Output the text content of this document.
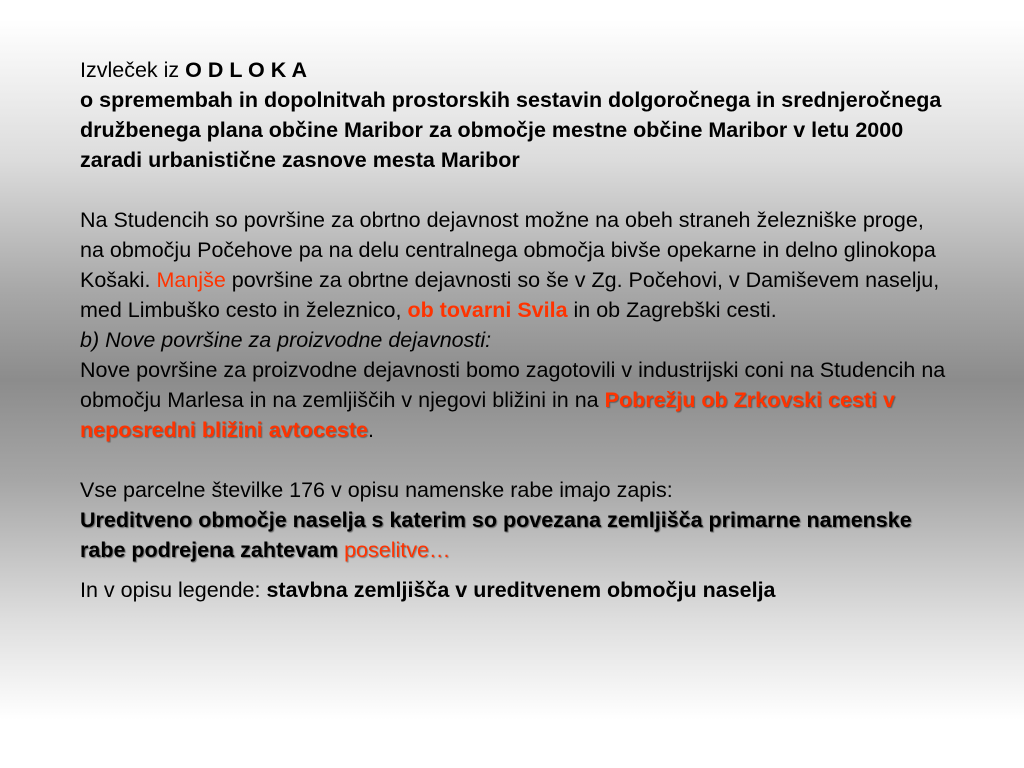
Izvleček iz O D L O K A

o spremembah in dopolnitvah prostorskih sestavin dolgoročnega in srednjeročnega družbenega plana občine Maribor za območje mestne občine Maribor v letu 2000 zaradi urbanistične zasnove mesta Maribor

Na Studencih so površine za obrtno dejavnost možne na obeh straneh železniške proge, na območju Počehove pa na delu centralnega območja bivše opekarne in delno glinokopa Košaki. Manjše površine za obrtne dejavnosti so še v Zg. Počehovi, v Damiševem naselju, med Limbuško cesto in železnico, ob tovarni Svila in ob Zagrebški cesti.

b) Nove površine za proizvodne dejavnosti:

Nove površine za proizvodne dejavnosti bomo zagotovili v industrijski coni na Studencih na območju Marlesa in na zemljiščih v njegovi bližini in na Pobrežju ob Zrkovski cesti v neposredni bližini avtoceste.

Vse parcelne številke 176 v opisu namenske rabe imajo zapis:

Ureditveno območje naselja s katerim so povezana zemljišča primarne namenske rabe podrejena zahtevam poselitve…

In v opisu legende: stavbna zemljišča v ureditvenem območju naselja
